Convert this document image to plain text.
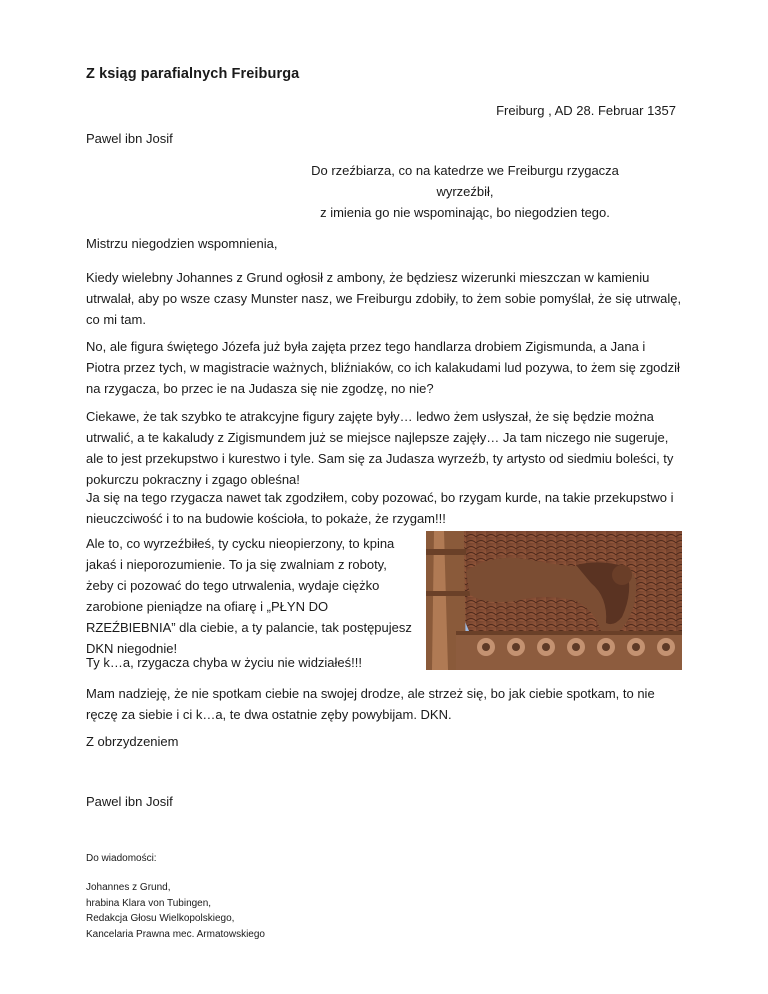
Z ksiąg parafialnych Freiburga
Freiburg , AD 28. Februar 1357
Pawel ibn Josif
Do rzeźbiarza, co na katedrze we Freiburgu rzygacza wyrzeźbił,
z imienia go nie wspominając, bo niegodzien tego.
Mistrzu niegodzien wspomnienia,
Kiedy wielebny Johannes z Grund ogłosił z ambony, że będziesz wizerunki mieszczan w kamieniu utrwalał, aby po wsze czasy Munster nasz, we Freiburgu zdobiły, to żem sobie pomyślał, że się utrwalę, co mi tam.
No, ale figura świętego Józefa już była zajęta przez tego handlarza drobiem Zigismunda, a Jana i Piotra przez tych, w magistracie ważnych, bliźniaków, co ich kalakudami lud pozywa, to żem się zgodził na rzygacza, bo przec ie na Judasza się nie zgodzę, no nie?
Ciekawe, że tak szybko te atrakcyjne figury zajęte były… ledwo żem usłyszał, że się będzie można utrwalić, a te kakaludy z Zigismundem już se miejsce najlepsze zajęły… Ja tam niczego nie sugeruje, ale to jest przekupstwo i kurestwo i tyle. Sam się za Judasza wyrzeźb, ty artysto od siedmiu boleści, ty pokurczu pokraczny i zgago obleśna!
Ja się na tego rzygacza nawet tak zgodziłem, coby pozować, bo rzygam kurde, na takie przekupstwo i nieuczciwość i to na budowie kościoła, to pokaże, że rzygam!!!
Ale to, co wyrzeźbiłeś, ty cycku nieopierzony, to kpina jakaś i nieporozumienie. To ja się zwalniam z roboty, żeby ci pozować do tego utrwalenia, wydaje ciężko zarobione pieniądze na ofiarę i „PŁYN DO RZEŹBIEBNIA” dla ciebie, a ty palancie, tak postępujesz DKN niegodnie!
Ty k…a, rzygacza chyba w życiu nie widziałeś!!!
Mam nadzieję, że nie spotkam ciebie na swojej drodze, ale strzeż się, bo jak ciebie spotkam, to nie ręczę za siebie i ci k…a, te dwa ostatnie zęby powybijam. DKN.
Z obrzydzeniem
Pawel ibn Josif
Do wiadomości:
Johannes z Grund,
hrabina Klara von Tubingen,
Redakcja Głosu Wielkopolskiego,
Kancelaria Prawna mec. Armatowskiego
